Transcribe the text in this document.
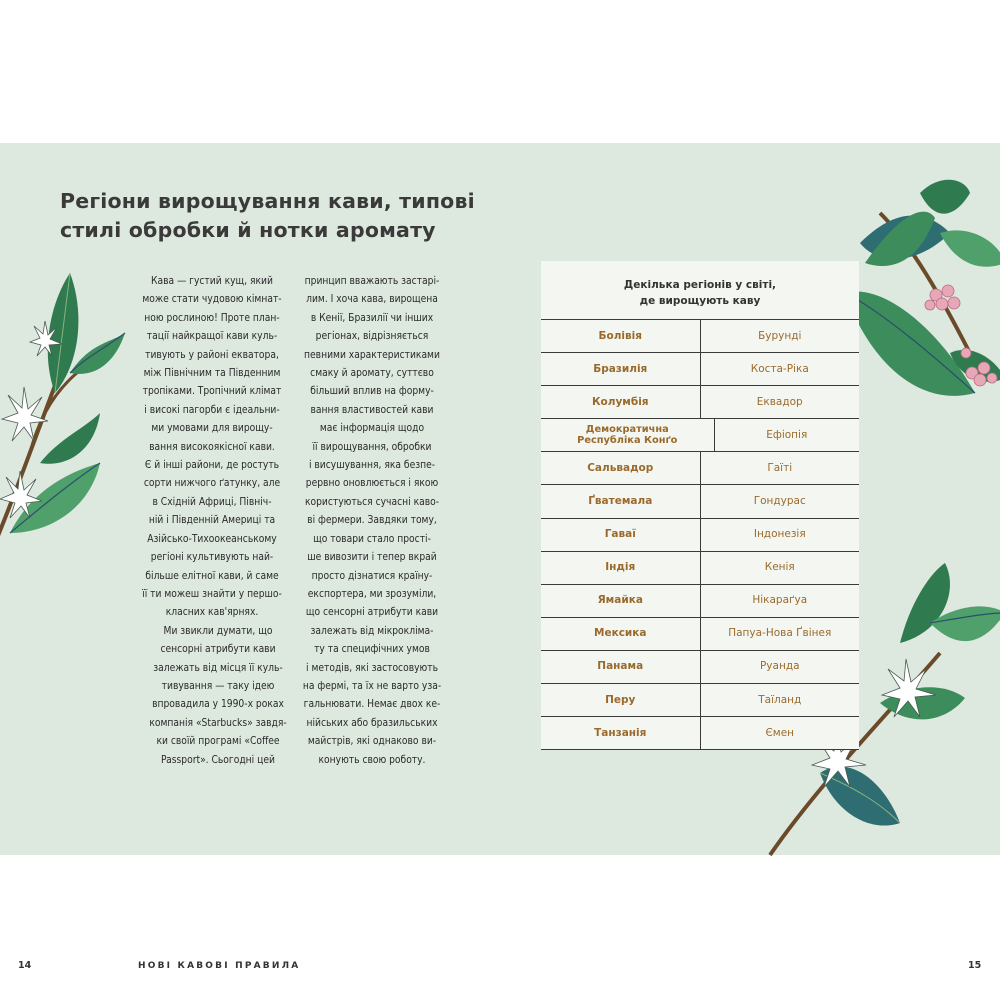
Регіони вирощування кави, типові
стилі обробки й нотки аромату

Кава — густий кущ, який
може стати чудовою кімнат-
ною рослиною! Проте план-
тації найкращої кави куль-
тивують у районі екватора,
між Північним та Південним
тропіками. Тропічний клімат
і високі пагорби є ідеальни-
ми умовами для вирощу-
вання високоякісної кави.
Є й інші райони, де ростуть
сорти нижчого ґатунку, але
в Східній Африці, Північ-
ній і Південній Америці та
Азійсько-Тихоокеанському
регіоні культивують най-
більше елітної кави, й саме
її ти можеш знайти у першо-
класних кав'ярнях.

Ми звикли думати, що
сенсорні атрибути кави
залежать від місця її куль-
тивування — таку ідею
впровадила у 1990-х роках
компанія «Starbucks» завдя-
ки своїй програмі «Coffee
Passport». Сьогодні цей

принцип вважають застарі-
лим. І хоча кава, вирощена
в Кенії, Бразилії чи інших
регіонах, відрізняється
певними характеристиками
смаку й аромату, суттєво
більший вплив на форму-
вання властивостей кави
має інформація щодо
її вирощування, обробки
і висушування, яка безпе-
рервно оновлюється і якою
користуються сучасні каво-
ві фермери. Завдяки тому,
що товари стало прості-
ше вивозити і тепер вкрай
просто дізнатися країну-
експортера, ми зрозуміли,
що сенсорні атрибути кави
залежать від мікроклімa-
ту та специфічних умов
і методів, які застосовують
на фермі, та їх не варто уза-
гальнювати. Немає двох ке-
нійських або бразильських
майстрів, які однаково ви-
конують свою роботу.

Декілька регіонів у світі,
де вирощують каву

Болівія	Бурунді
Бразилія	Коста-Ріка
Колумбія	Еквадор
Демократична Республіка Конґо	Ефіопія
Сальвадор	Гаїті
Ґватемала	Гондурас
Гаваї	Індонезія
Індія	Кенія
Ямайка	Нікараґуа
Мексика	Папуа-Нова Ґвінея
Панама	Руанда
Перу	Таїланд
Танзанія	Ємен
14	НОВІ КАВОВІ ПРАВИЛА	15
